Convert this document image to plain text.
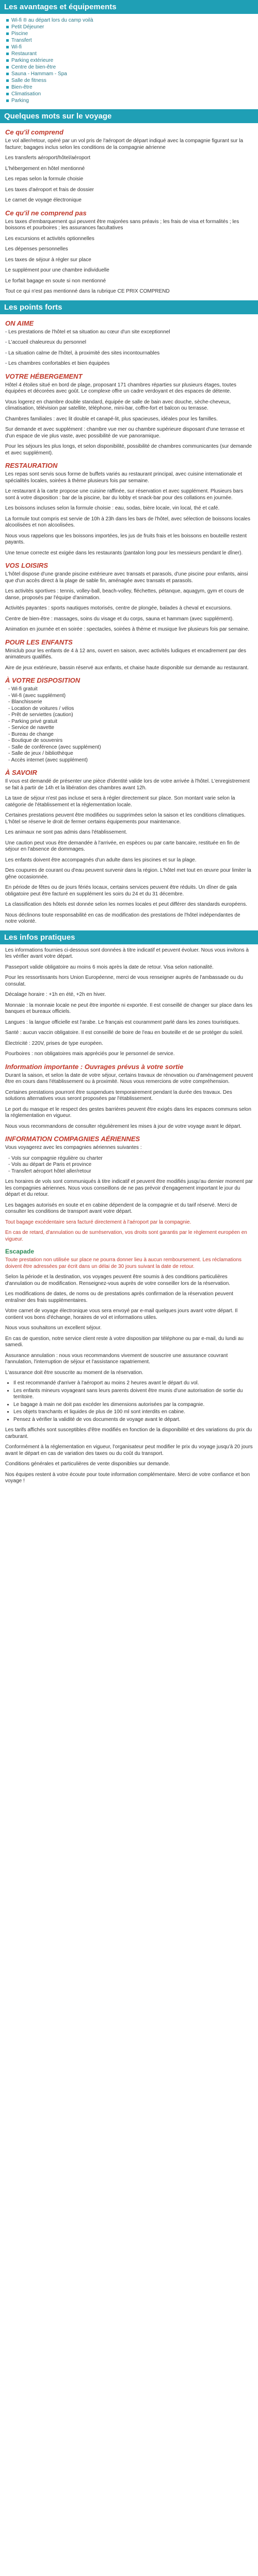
Les avantages et équipements
Wi-fi ® au départ lors du camp voilà
Petit Déjeuner
Piscine
Transfert
Wi-fi
Restaurant
Parking extérieure
Centre de bien-être
Sauna - Hammam - Spa
Salle de fitness
Bien-être
Climatisation
Parking
Quelques mots sur le voyage
Ce qu'il comprend

Le vol aller/retour, opéré par un vol pris de l'aéroport de départ indiqué avec la compagnie figurant sur la facture; bagages inclus selon les conditions de la compagnie aérienne

Les transferts aéroport/hôtel/aéroport

L'hébergement en hôtel mentionné

Les repas selon la formule choisie

Les taxes d'aéroport et frais de dossier

Le carnet de voyage électronique

Ce qu'il ne comprend pas

Les taxes d'embarquement qui peuvent être majorées sans préavis ; les frais de visa et formalités ; les boissons et pourboires ; les assurances facultatives

Les excursions et activités optionnelles

Les dépenses personnelles

Les taxes de séjour à régler sur place

Le supplément pour une chambre individuelle

Le forfait bagage en soute si non mentionné

Tout ce qui n'est pas mentionné dans la rubrique CE PRIX COMPREND

Les points forts
ON AIME

- Les prestations de l'hôtel et sa situation au cœur d'un site exceptionnel

- L'accueil chaleureux du personnel

- La situation calme de l'hôtel, à proximité des sites incontournables

- Les chambres confortables et bien équipées

VOTRE HÉBERGEMENT

Hôtel 4 étoiles situé en bord de plage, proposant 171 chambres réparties sur plusieurs étages, toutes équipées et décorées avec goût. Le complexe offre un cadre verdoyant et des espaces de détente.

Vous logerez en chambre double standard, équipée de salle de bain avec douche, sèche-cheveux, climatisation, télévision par satellite, téléphone, mini-bar, coffre-fort et balcon ou terrasse.

Chambres familiales : avec lit double et canapé-lit, plus spacieuses, idéales pour les familles.

Sur demande et avec supplément : chambre vue mer ou chambre supérieure disposant d'une terrasse et d'un espace de vie plus vaste, avec possibilité de vue panoramique.

Pour les séjours les plus longs, et selon disponibilité, possibilité de chambres communicantes (sur demande et avec supplément).

RESTAURATION

Les repas sont servis sous forme de buffets variés au restaurant principal, avec cuisine internationale et spécialités locales, soirées à thème plusieurs fois par semaine.

Le restaurant à la carte propose une cuisine raffinée, sur réservation et avec supplément. Plusieurs bars sont à votre disposition : bar de la piscine, bar du lobby et snack-bar pour des collations en journée.

Les boissons incluses selon la formule choisie : eau, sodas, bière locale, vin local, thé et café.

La formule tout compris est servie de 10h à 23h dans les bars de l'hôtel, avec sélection de boissons locales alcoolisées et non alcoolisées.

Nous vous rappelons que les boissons importées, les jus de fruits frais et les boissons en bouteille restent payants.

Une tenue correcte est exigée dans les restaurants (pantalon long pour les messieurs pendant le dîner).

VOS LOISIRS

L'hôtel dispose d'une grande piscine extérieure avec transats et parasols, d'une piscine pour enfants, ainsi que d'un accès direct à la plage de sable fin, aménagée avec transats et parasols.

Les activités sportives : tennis, volley-ball, beach-volley, fléchettes, pétanque, aquagym, gym et cours de danse, proposés par l'équipe d'animation.

Activités payantes : sports nautiques motorisés, centre de plongée, balades à cheval et excursions.

Centre de bien-être : massages, soins du visage et du corps, sauna et hammam (avec supplément).

Animation en journée et en soirée : spectacles, soirées à thème et musique live plusieurs fois par semaine.

POUR LES ENFANTS

Miniclub pour les enfants de 4 à 12 ans, ouvert en saison, avec activités ludiques et encadrement par des animateurs qualifiés.

Aire de jeux extérieure, bassin réservé aux enfants, et chaise haute disponible sur demande au restaurant.

À VOTRE DISPOSITION
- Wi-fi gratuit
- Wi-fi (avec supplément)
- Blanchisserie
- Location de voitures / vélos
- Prêt de serviettes (caution)
- Parking privé gratuit
- Service de navette
- Bureau de change
- Boutique de souvenirs
- Salle de conférence (avec supplément)
- Salle de jeux / bibliothèque
- Accès internet (avec supplément)
À SAVOIR

Il vous est demandé de présenter une pièce d'identité valide lors de votre arrivée à l'hôtel. L'enregistrement se fait à partir de 14h et la libération des chambres avant 12h.

La taxe de séjour n'est pas incluse et sera à régler directement sur place. Son montant varie selon la catégorie de l'établissement et la réglementation locale.

Certaines prestations peuvent être modifiées ou supprimées selon la saison et les conditions climatiques. L'hôtel se réserve le droit de fermer certains équipements pour maintenance.

Les animaux ne sont pas admis dans l'établissement.

Une caution peut vous être demandée à l'arrivée, en espèces ou par carte bancaire, restituée en fin de séjour en l'absence de dommages.

Les enfants doivent être accompagnés d'un adulte dans les piscines et sur la plage.

Des coupures de courant ou d'eau peuvent survenir dans la région. L'hôtel met tout en œuvre pour limiter la gêne occasionnée.

En période de fêtes ou de jours fériés locaux, certains services peuvent être réduits. Un dîner de gala obligatoire peut être facturé en supplément les soirs du 24 et du 31 décembre.

La classification des hôtels est donnée selon les normes locales et peut différer des standards européens.

Nous déclinons toute responsabilité en cas de modification des prestations de l'hôtel indépendantes de notre volonté.

Les infos pratiques

Les informations fournies ci-dessous sont données à titre indicatif et peuvent évoluer. Nous vous invitons à les vérifier avant votre départ.

Passeport valide obligatoire au moins 6 mois après la date de retour. Visa selon nationalité.

Pour les ressortissants hors Union Européenne, merci de vous renseigner auprès de l'ambassade ou du consulat.

Décalage horaire : +1h en été, +2h en hiver.

Monnaie : la monnaie locale ne peut être importée ni exportée. Il est conseillé de changer sur place dans les banques et bureaux officiels.

Langues : la langue officielle est l'arabe. Le français est couramment parlé dans les zones touristiques.

Santé : aucun vaccin obligatoire. Il est conseillé de boire de l'eau en bouteille et de se protéger du soleil.

Électricité : 220V, prises de type européen.

Pourboires : non obligatoires mais appréciés pour le personnel de service.

Information importante : Ouvrages prévus à votre sortie

Durant la saison, et selon la date de votre séjour, certains travaux de rénovation ou d'aménagement peuvent être en cours dans l'établissement ou à proximité. Nous vous remercions de votre compréhension.

Certaines prestations pourront être suspendues temporairement pendant la durée des travaux. Des solutions alternatives vous seront proposées par l'établissement.

Le port du masque et le respect des gestes barrières peuvent être exigés dans les espaces communs selon la réglementation en vigueur.

Nous vous recommandons de consulter régulièrement les mises à jour de votre voyage avant le départ.

INFORMATION COMPAGNIES AÉRIENNES

Vous voyagerez avec les compagnies aériennes suivantes :

- Vols sur compagnie régulière ou charter
- Vols au départ de Paris et province
- Transfert aéroport hôtel aller/retour

Les horaires de vols sont communiqués à titre indicatif et peuvent être modifiés jusqu'au dernier moment par les compagnies aériennes. Nous vous conseillons de ne pas prévoir d'engagement important le jour du départ et du retour.

Les bagages autorisés en soute et en cabine dépendent de la compagnie et du tarif réservé. Merci de consulter les conditions de transport avant votre départ.

Tout bagage excédentaire sera facturé directement à l'aéroport par la compagnie.

En cas de retard, d'annulation ou de surréservation, vos droits sont garantis par le règlement européen en vigueur.

Escapade

Toute prestation non utilisée sur place ne pourra donner lieu à aucun remboursement. Les réclamations doivent être adressées par écrit dans un délai de 30 jours suivant la date de retour.

Selon la période et la destination, vos voyages peuvent être soumis à des conditions particulières d'annulation ou de modification. Renseignez-vous auprès de votre conseiller lors de la réservation.

Les modifications de dates, de noms ou de prestations après confirmation de la réservation peuvent entraîner des frais supplémentaires.

Votre carnet de voyage électronique vous sera envoyé par e-mail quelques jours avant votre départ. Il contient vos bons d'échange, horaires de vol et informations utiles.

Nous vous souhaitons un excellent séjour.

En cas de question, notre service client reste à votre disposition par téléphone ou par e-mail, du lundi au samedi.

Assurance annulation : nous vous recommandons vivement de souscrire une assurance couvrant l'annulation, l'interruption de séjour et l'assistance rapatriement.

L'assurance doit être souscrite au moment de la réservation.

• Il est recommandé d'arriver à l'aéroport au moins 2 heures avant le départ du vol.
• Les enfants mineurs voyageant sans leurs parents doivent être munis d'une autorisation de sortie du territoire.
• Le bagage à main ne doit pas excéder les dimensions autorisées par la compagnie.
• Les objets tranchants et liquides de plus de 100 ml sont interdits en cabine.
• Pensez à vérifier la validité de vos documents de voyage avant le départ.

Les tarifs affichés sont susceptibles d'être modifiés en fonction de la disponibilité et des variations du prix du carburant.

Conformément à la réglementation en vigueur, l'organisateur peut modifier le prix du voyage jusqu'à 20 jours avant le départ en cas de variation des taxes ou du coût du transport.

Conditions générales et particulières de vente disponibles sur demande.

Nos équipes restent à votre écoute pour toute information complémentaire. Merci de votre confiance et bon voyage !
